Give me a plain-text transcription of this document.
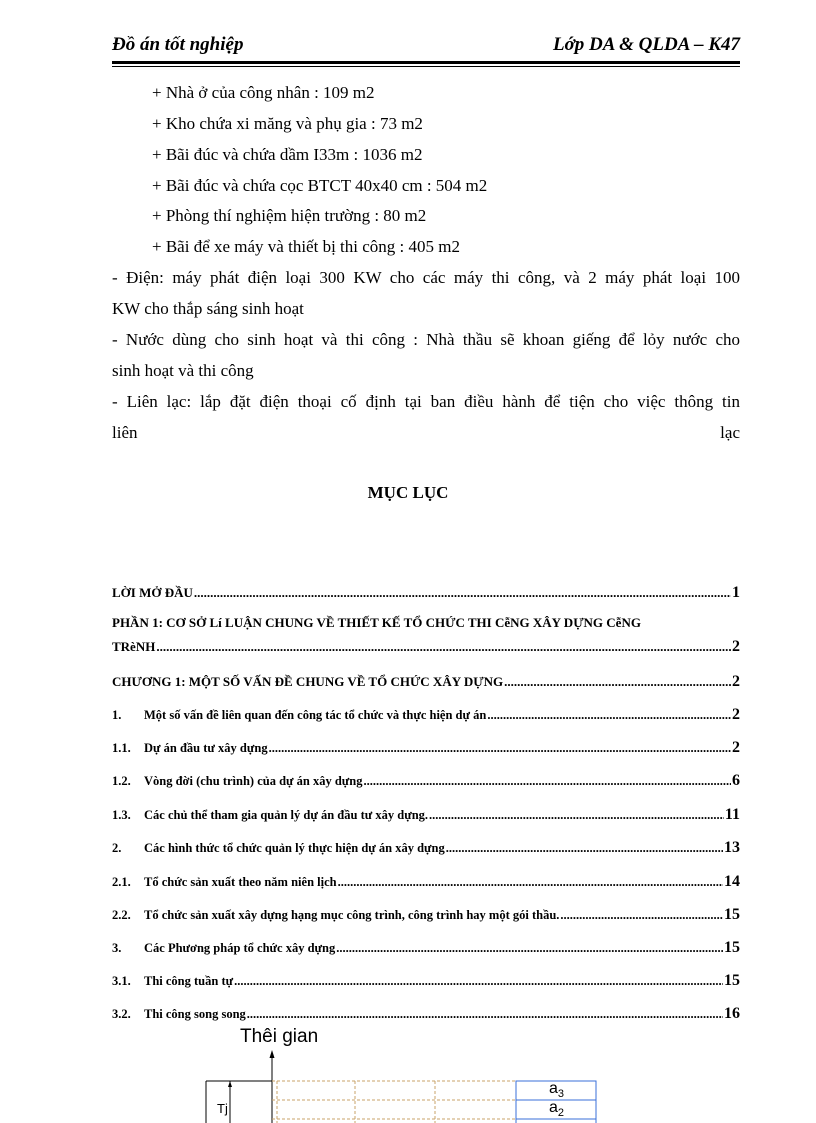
Đồ án tốt nghiệp	Lớp DA & QLDA – K47
+ Nhà ở của công nhân : 109 m2
+ Kho chứa xi măng và phụ gia : 73 m2
+ Bãi đúc và chứa dầm I33m : 1036 m2
+ Bãi đúc và chứa cọc BTCT 40x40 cm : 504 m2
+ Phòng thí nghiệm hiện trường : 80 m2
+ Bãi để xe máy và thiết bị thi công : 405 m2
- Điện: máy phát điện loại 300 KW cho các máy thi công, và 2 máy phát loại 100
KW cho thắp sáng sinh hoạt
- Nước dùng cho sinh hoạt và thi công : Nhà thầu sẽ khoan giếng để lỏy nước cho
sinh hoạt và thi công
- Liên lạc: lắp đặt điện thoại cố định tại ban điều hành để tiện cho việc thông tin
liên	lạc
MỤC LỤC
LỜI MỞ ĐẦU .....	1
PHẦN 1: CƠ SỞ Lí LUẬN CHUNG VỀ THIẾT KẾ TỔ CHỨC THI CễNG XÂY DỰNG CễNG
TRèNH .....	2
CHƯƠNG 1: MỘT SỐ VẤN ĐỀ CHUNG VỀ TỔ CHỨC XÂY DỰNG .....	2
1.	Một số vấn đề liên quan đến công tác tổ chức và thực hiện dự án .....	2
1.1.	Dự án đầu tư xây dựng .....	2
1.2.	Vòng đời (chu trình) của dự án xây dựng .....	6
1.3.	Các chủ thể tham gia quản lý dự án đầu tư xây dựng. .....	11
2.	Các hình thức tổ chức quản lý thực hiện dự án xây dựng .....	13
2.1.	Tổ chức sản xuất theo năm niên lịch .....	14
2.2.	Tổ chức sản xuất xây dựng hạng mục công trình, công trình hay một gói thầu. .....	15
3.	Các Phương pháp tổ chức xây dựng .....	15
3.1.	Thi công tuần tự .....	15
3.2.	Thi công song song .....	16
Thêi gian
Tj
$a_3$
$a_2$
